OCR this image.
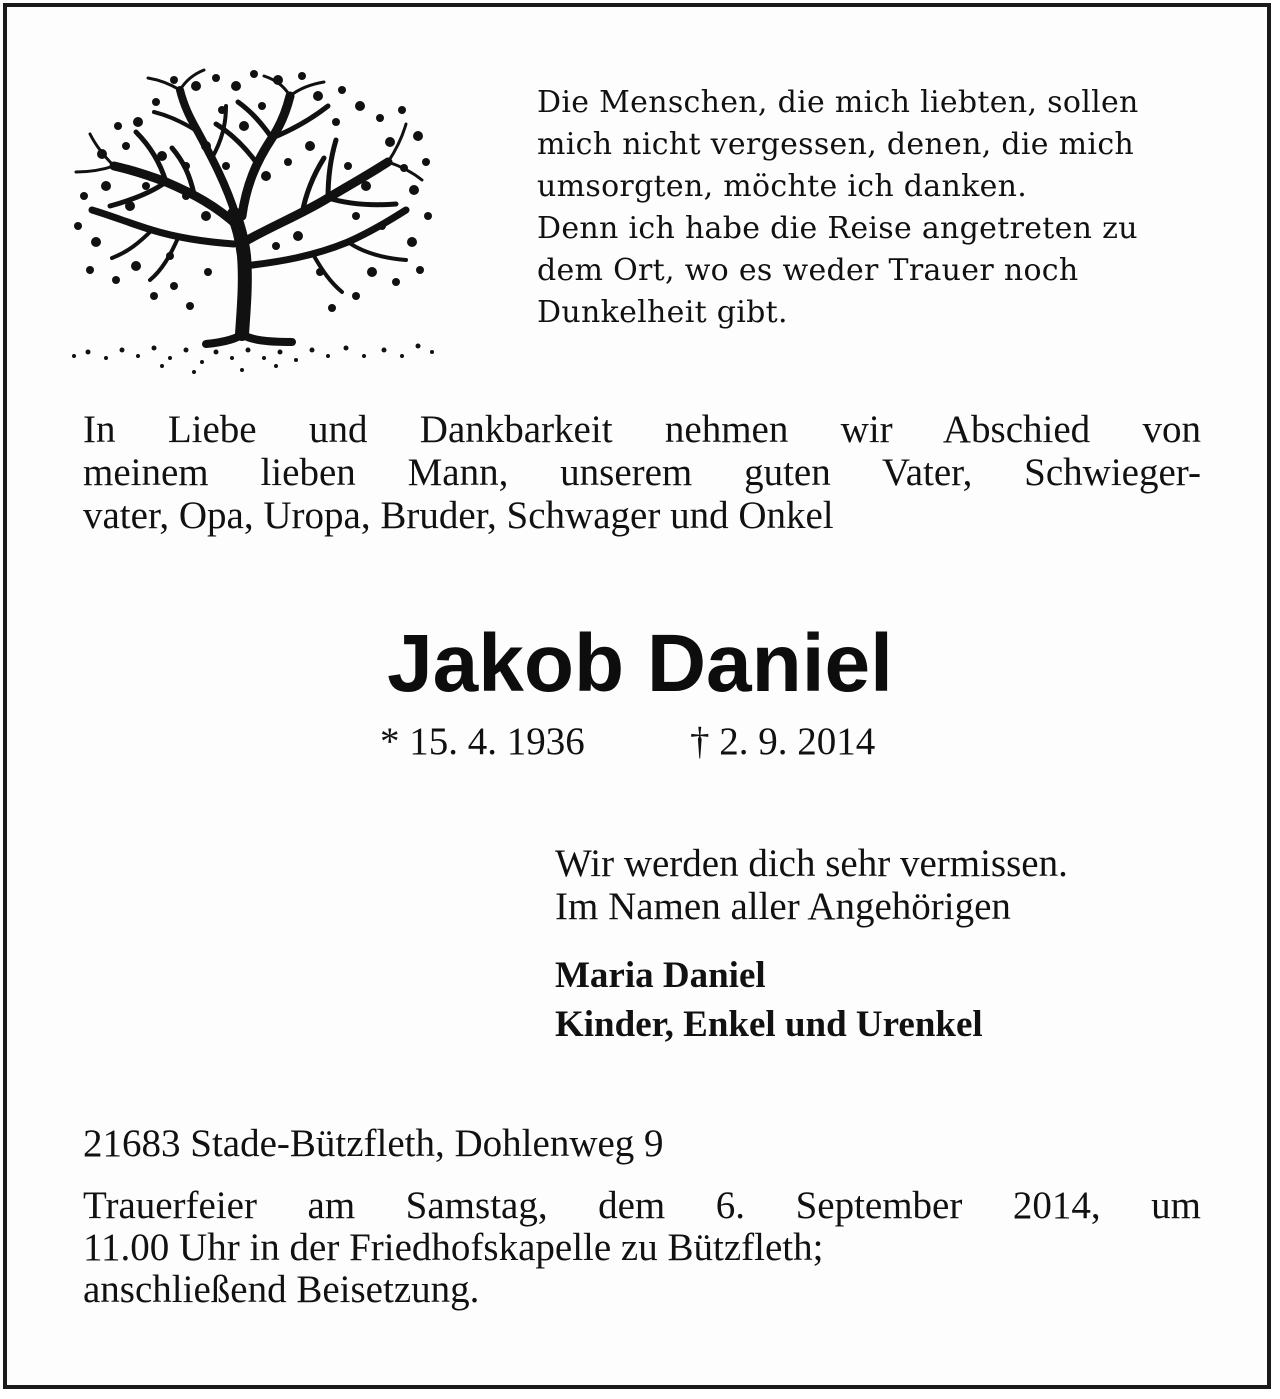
Die Menschen, die mich liebten, sollen
mich nicht vergessen, denen, die mich
umsorgten, möchte ich danken.
Denn ich habe die Reise angetreten zu
dem Ort, wo es weder Trauer noch
Dunkelheit gibt.
In Liebe und Dankbarkeit nehmen wir Abschied von
meinem lieben Mann, unserem guten Vater, Schwieger-
vater, Opa, Uropa, Bruder, Schwager und Onkel
Jakob Daniel
* 15. 4. 1936	† 2. 9. 2014
Wir werden dich sehr vermissen.
Im Namen aller Angehörigen
Maria Daniel
Kinder, Enkel und Urenkel
21683 Stade-Bützfleth, Dohlenweg 9
Trauerfeier am Samstag, dem 6. September 2014, um
11.00 Uhr in der Friedhofskapelle zu Bützfleth;
anschließend Beisetzung.
